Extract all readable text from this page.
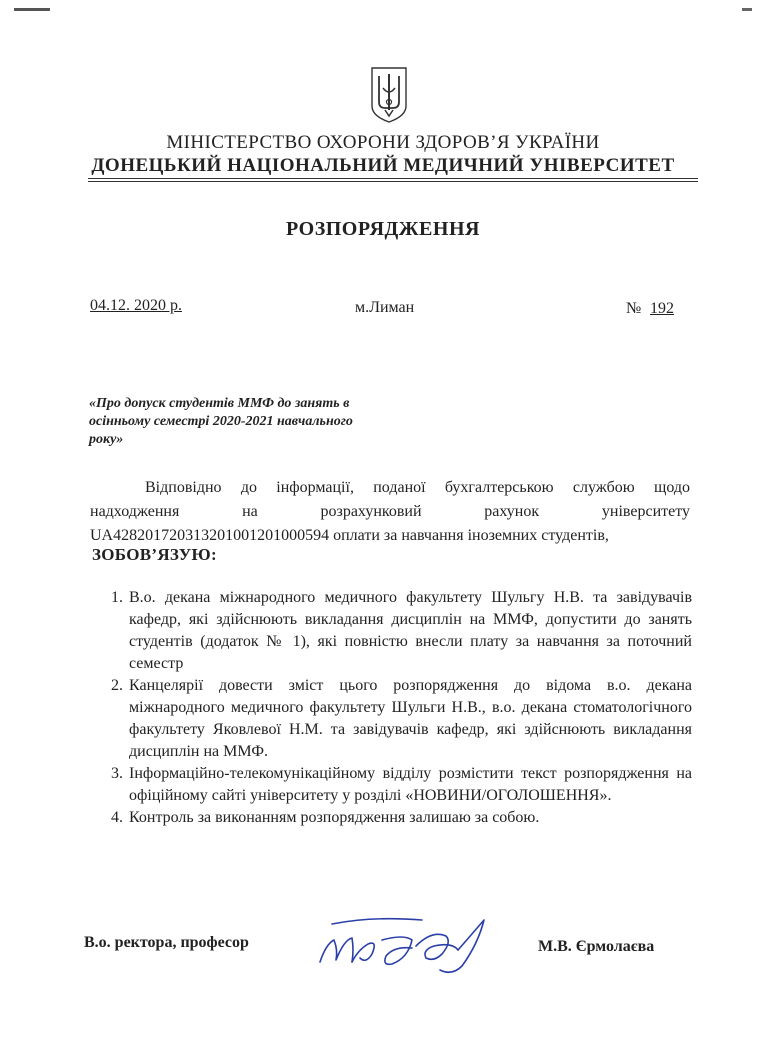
МІНІСТЕРСТВО ОХОРОНИ ЗДОРОВ’Я УКРАЇНИ
ДОНЕЦЬКИЙ НАЦІОНАЛЬНИЙ МЕДИЧНИЙ УНІВЕРСИТЕТ
РОЗПОРЯДЖЕННЯ
04.12. 2020 р.	м.Лиман	№ 192
«Про допуск студентів ММФ до занять в осінньому семестрі 2020-2021 навчального року»
Відповідно до інформації, поданої бухгалтерською службою щодо
надходження на розрахунковий рахунок університету
UA428201720313201001201000594 оплати за навчання іноземних студентів,
ЗОБОВ’ЯЗУЮ:
1. В.о. декана міжнародного медичного факультету Шульгу Н.В. та завідувачів кафедр, які здійснюють викладання дисциплін на ММФ, допустити до занять студентів (додаток № 1), які повністю внесли плату за навчання за поточний семестр
2. Канцелярії довести зміст цього розпорядження до відома в.о. декана міжнародного медичного факультету Шульги Н.В., в.о. декана стоматологічного факультету Яковлевої Н.М. та завідувачів кафедр, які здійснюють викладання дисциплін на ММФ.
3. Інформаційно-телекомунікаційному відділу розмістити текст розпорядження на офіційному сайті університету у розділі «НОВИНИ/ОГОЛОШЕННЯ».
4. Контроль за виконанням розпорядження залишаю за собою.
В.о. ректора, професор	М.В. Єрмолаєва
